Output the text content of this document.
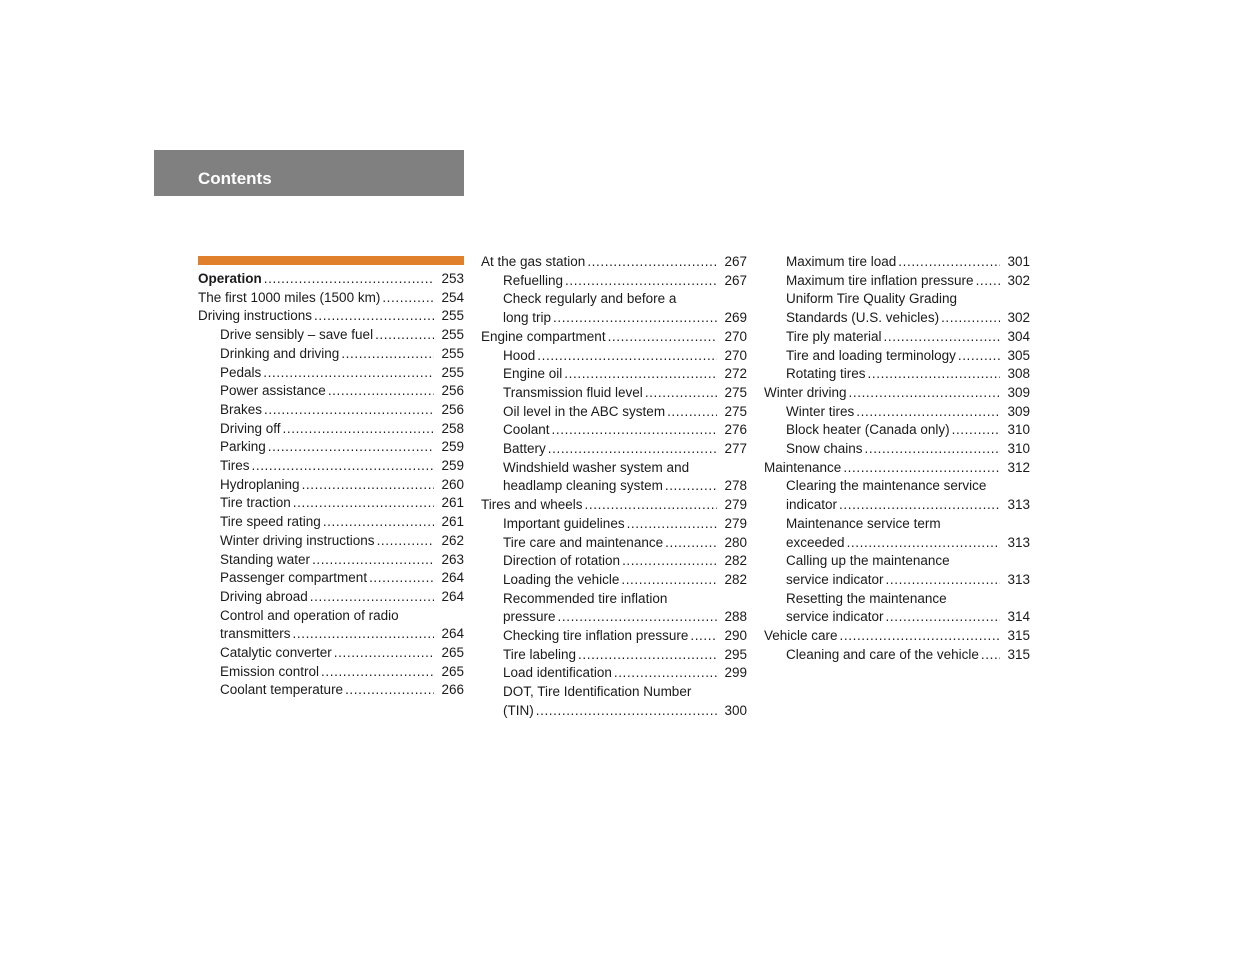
Contents
Operation .....	253
The first 1000 miles (1500 km) .....	254
Driving instructions .....	255
Drive sensibly – save fuel .....	255
Drinking and driving .....	255
Pedals .....	255
Power assistance .....	256
Brakes .....	256
Driving off .....	258
Parking .....	259
Tires .....	259
Hydroplaning .....	260
Tire traction .....	261
Tire speed rating .....	261
Winter driving instructions .....	262
Standing water .....	263
Passenger compartment .....	264
Driving abroad .....	264
Control and operation of radio
transmitters .....	264
Catalytic converter .....	265
Emission control .....	265
Coolant temperature .....	266
At the gas station .....	267
Refuelling .....	267
Check regularly and before a
long trip .....	269
Engine compartment .....	270
Hood .....	270
Engine oil .....	272
Transmission fluid level .....	275
Oil level in the ABC system .....	275
Coolant .....	276
Battery .....	277
Windshield washer system and
headlamp cleaning system .....	278
Tires and wheels .....	279
Important guidelines .....	279
Tire care and maintenance .....	280
Direction of rotation .....	282
Loading the vehicle .....	282
Recommended tire inflation
pressure .....	288
Checking tire inflation pressure .....	290
Tire labeling .....	295
Load identification .....	299
DOT, Tire Identification Number
(TIN) .....	300
Maximum tire load .....	301
Maximum tire inflation pressure .....	302
Uniform Tire Quality Grading
Standards (U.S. vehicles) .....	302
Tire ply material .....	304
Tire and loading terminology .....	305
Rotating tires .....	308
Winter driving .....	309
Winter tires .....	309
Block heater (Canada only) .....	310
Snow chains .....	310
Maintenance .....	312
Clearing the maintenance service
indicator .....	313
Maintenance service term
exceeded .....	313
Calling up the maintenance
service indicator .....	313
Resetting the maintenance
service indicator .....	314
Vehicle care .....	315
Cleaning and care of the vehicle .....	315
